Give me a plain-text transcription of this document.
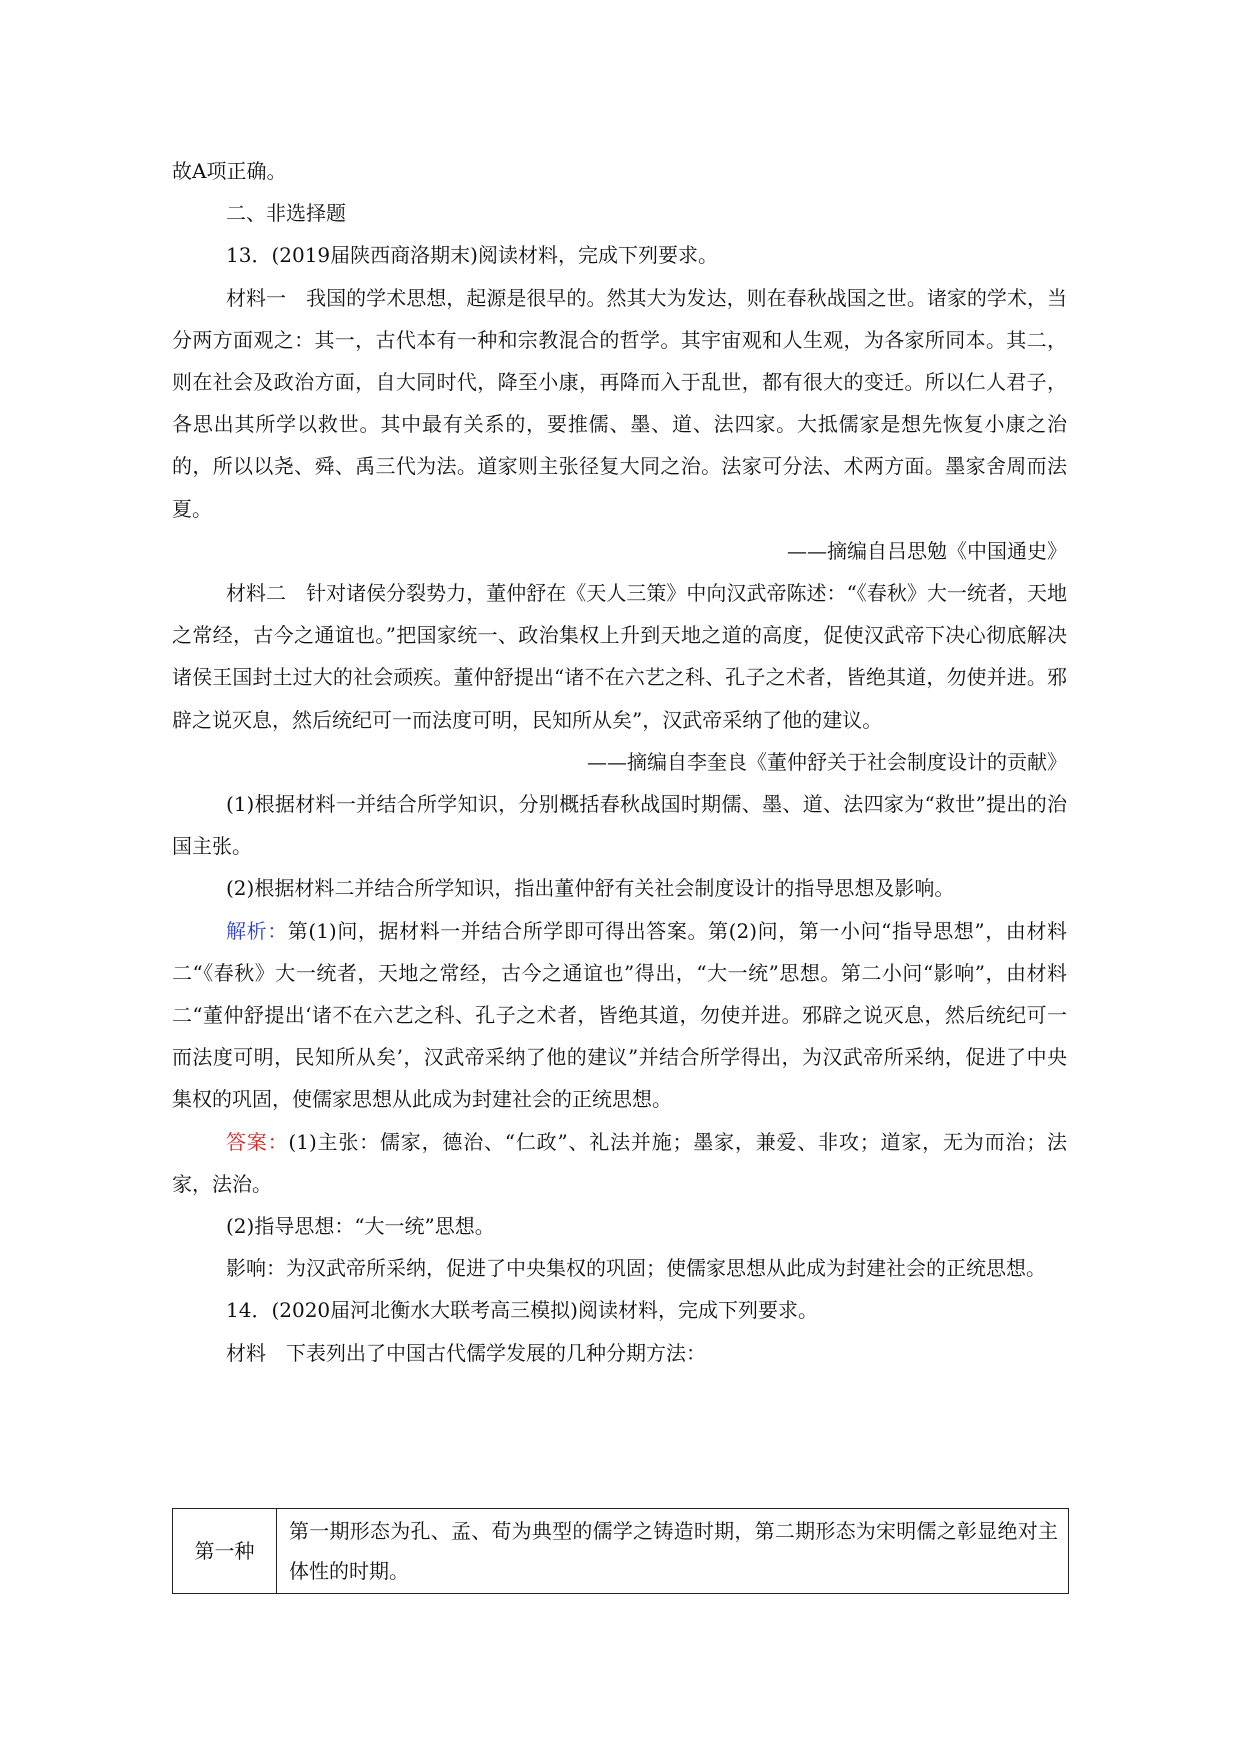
故A项正确。

二、非选择题

13．(2019届陕西商洛期末)阅读材料，完成下列要求。

材料一　我国的学术思想，起源是很早的。然其大为发达，则在春秋战国之世。诸家的学术，当分两方面观之：其一，古代本有一种和宗教混合的哲学。其宇宙观和人生观，为各家所同本。其二，则在社会及政治方面，自大同时代，降至小康，再降而入于乱世，都有很大的变迁。所以仁人君子，各思出其所学以救世。其中最有关系的，要推儒、墨、道、法四家。大抵儒家是想先恢复小康之治的，所以以尧、舜、禹三代为法。道家则主张径复大同之治。法家可分法、术两方面。墨家舍周而法夏。

——摘编自吕思勉《中国通史》

材料二　针对诸侯分裂势力，董仲舒在《天人三策》中向汉武帝陈述：“《春秋》大一统者，天地之常经，古今之通谊也。”把国家统一、政治集权上升到天地之道的高度，促使汉武帝下决心彻底解决诸侯王国封土过大的社会顽疾。董仲舒提出“诸不在六艺之科、孔子之术者，皆绝其道，勿使并进。邪辟之说灭息，然后统纪可一而法度可明，民知所从矣”，汉武帝采纳了他的建议。

——摘编自李奎良《董仲舒关于社会制度设计的贡献》

(1)根据材料一并结合所学知识，分别概括春秋战国时期儒、墨、道、法四家为“救世”提出的治国主张。

(2)根据材料二并结合所学知识，指出董仲舒有关社会制度设计的指导思想及影响。

解析：第(1)问，据材料一并结合所学即可得出答案。第(2)问，第一小问“指导思想”，由材料二“《春秋》大一统者，天地之常经，古今之通谊也”得出，“大一统”思想。第二小问“影响”，由材料二“董仲舒提出‘诸不在六艺之科、孔子之术者，皆绝其道，勿使并进。邪辟之说灭息，然后统纪可一而法度可明，民知所从矣’，汉武帝采纳了他的建议”并结合所学得出，为汉武帝所采纳，促进了中央集权的巩固，使儒家思想从此成为封建社会的正统思想。

答案：(1)主张：儒家，德治、“仁政”、礼法并施；墨家，兼爱、非攻；道家，无为而治；法家，法治。

(2)指导思想：“大一统”思想。

影响：为汉武帝所采纳，促进了中央集权的巩固；使儒家思想从此成为封建社会的正统思想。

14．(2020届河北衡水大联考高三模拟)阅读材料，完成下列要求。

材料　下表列出了中国古代儒学发展的几种分期方法：

第一种	第一期形态为孔、孟、荀为典型的儒学之铸造时期，第二期形态为宋明儒之彰显绝对主体性的时期。
